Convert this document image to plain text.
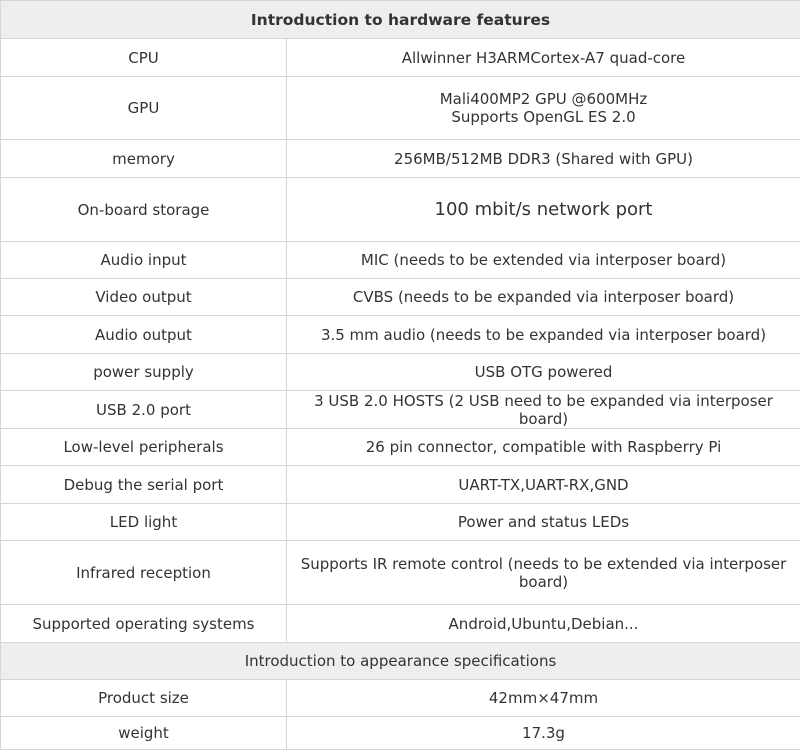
Introduction to hardware features	
CPU	Allwinner H3ARMCortex-A7 quad-core
GPU	Mali400MP2 GPU @600MHz
Supports OpenGL ES 2.0

memory	256MB/512MB DDR3 (Shared with GPU)
On-board storage	100 mbit/s network port
Audio input	MIC (needs to be extended via interposer board)
Video output	CVBS (needs to be expanded via interposer board)
Audio output	3.5 mm audio (needs to be expanded via interposer board)
power supply	USB OTG powered
USB 2.0 port	3 USB 2.0 HOSTS (2 USB need to be expanded via interposer board)
Low-level peripherals	26 pin connector, compatible with Raspberry Pi
Debug the serial port	UART-TX,UART-RX,GND
LED light	Power and status LEDs
Infrared reception	Supports IR remote control (needs to be extended via interposer
board)

Supported operating systems	Android,Ubuntu,Debian...
Introduction to appearance specifications	
Product size	42mm×47mm
weight	17.3g
